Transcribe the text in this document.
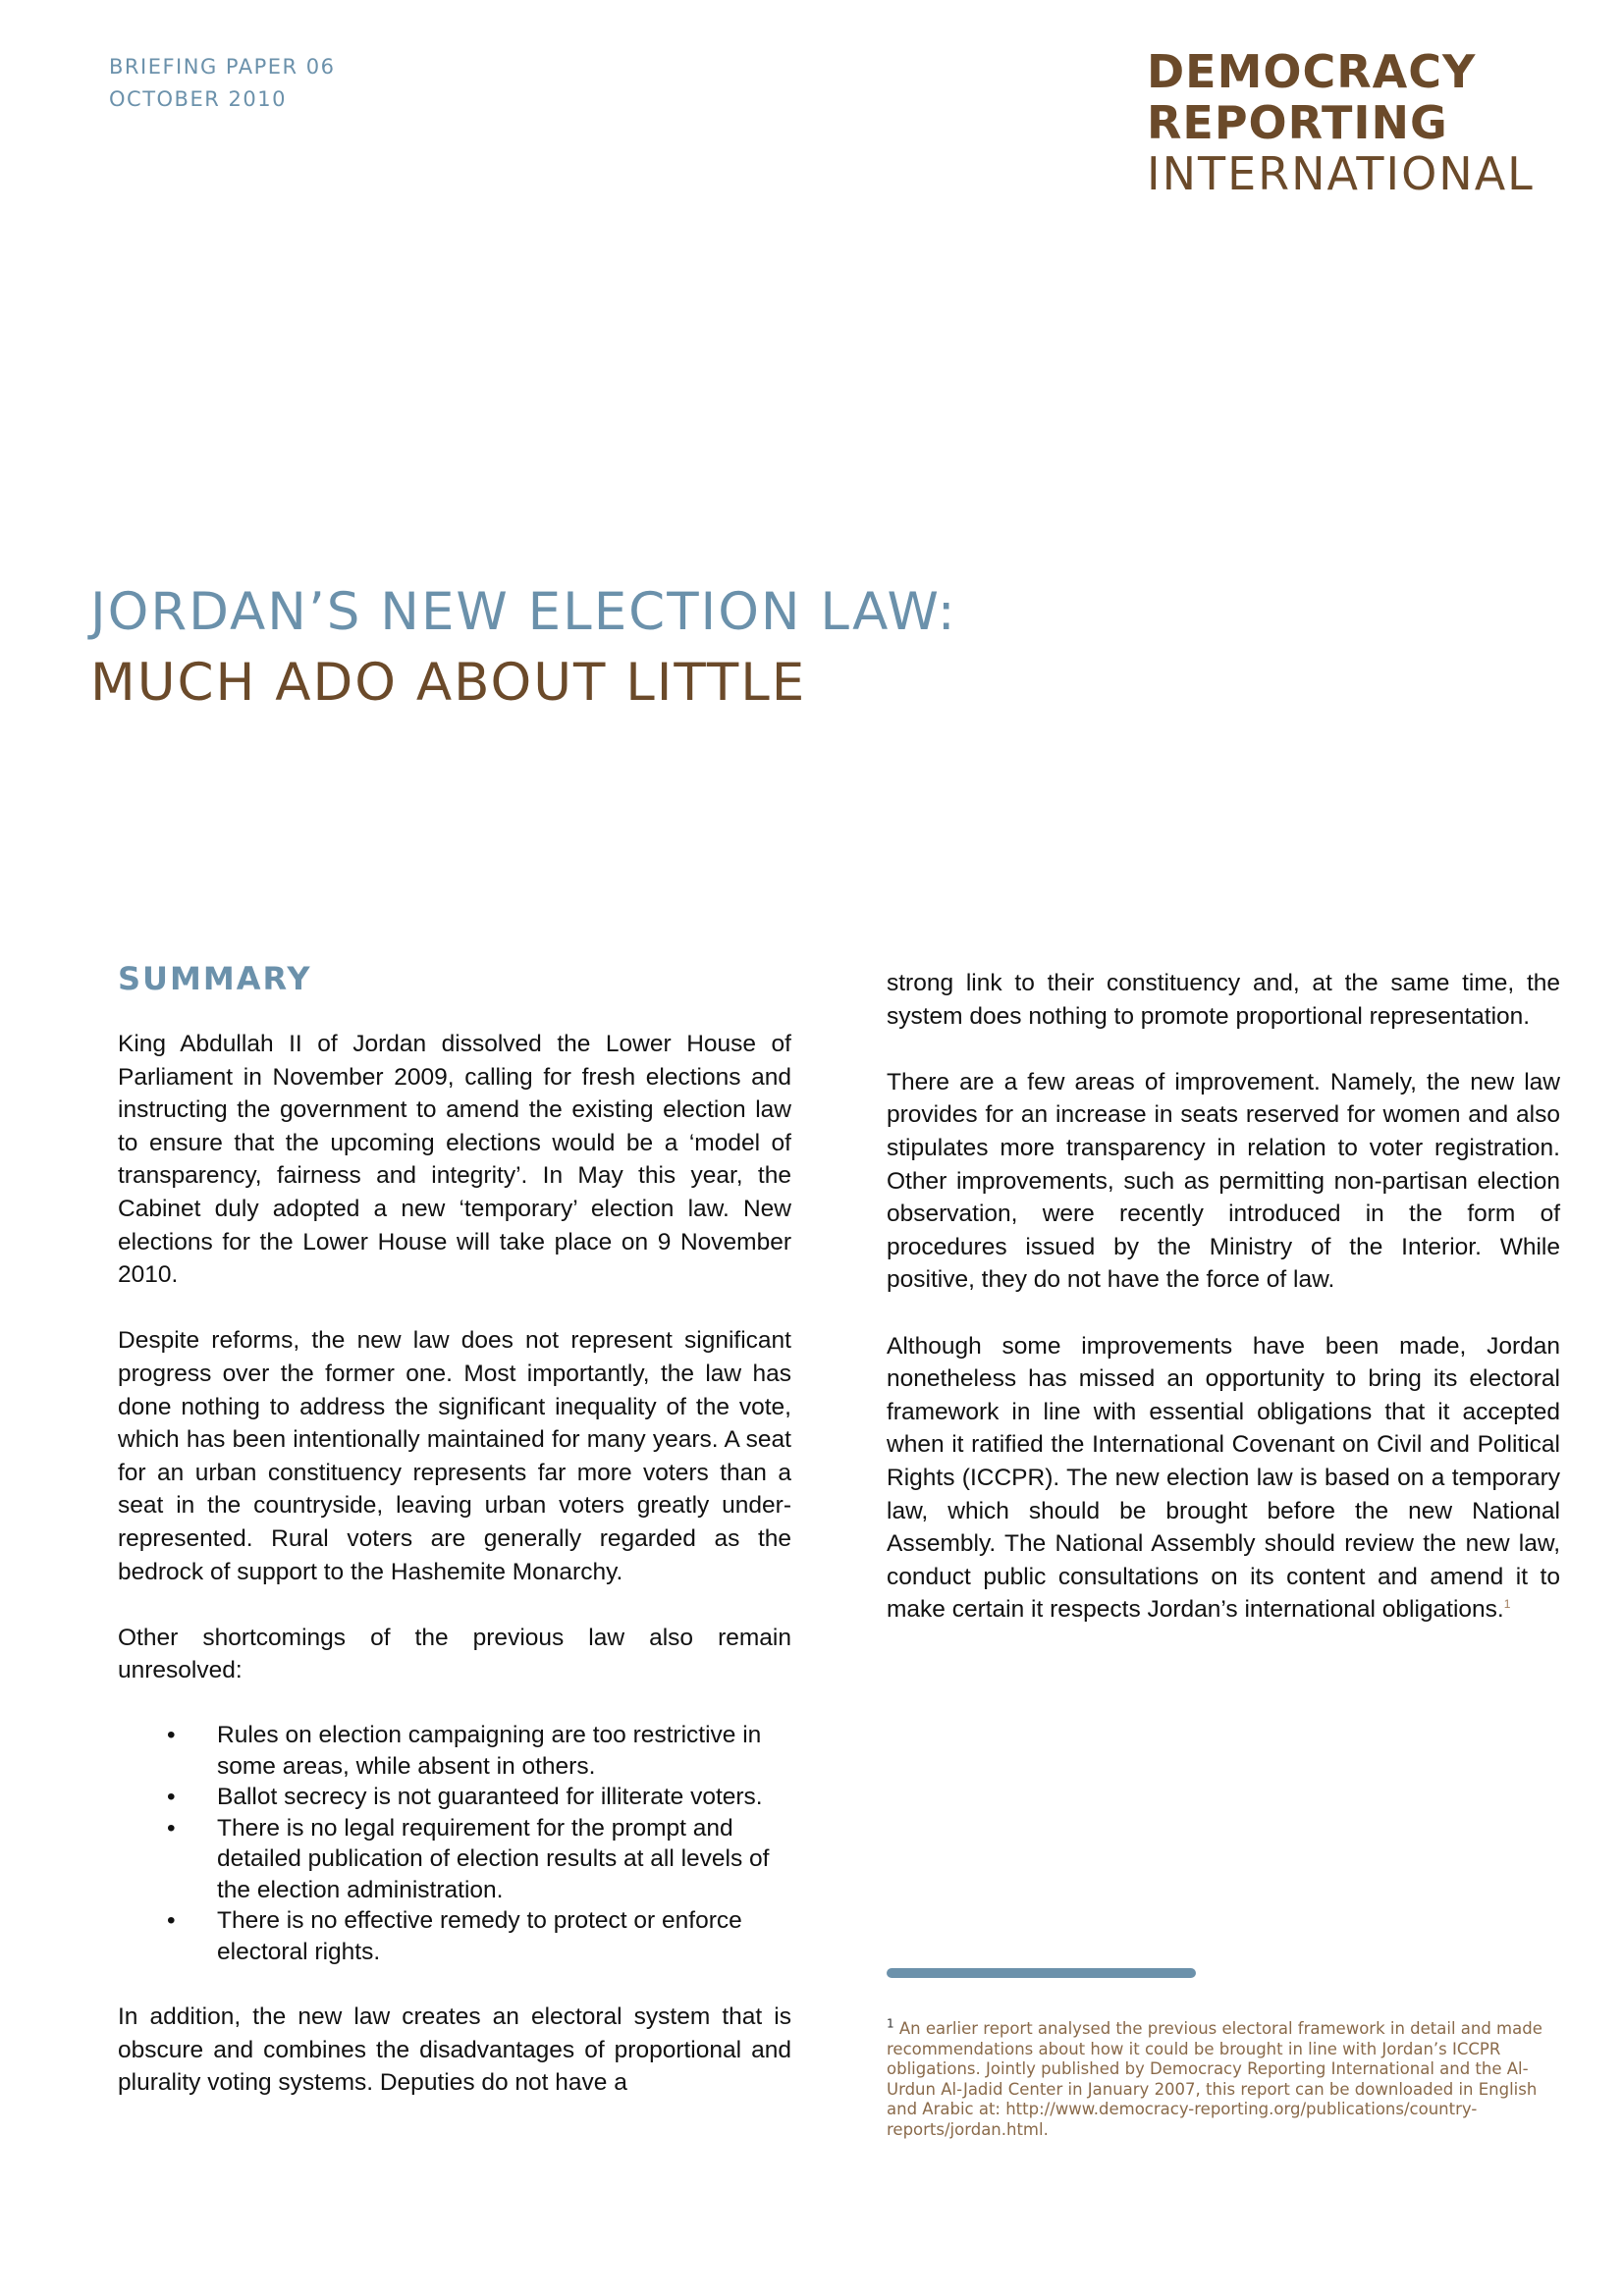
BRIEFING PAPER 06
OCTOBER 2010
DEMOCRACY
REPORTING
INTERNATIONAL
JORDAN’S NEW ELECTION LAW:
MUCH ADO ABOUT LITTLE
SUMMARY

King Abdullah II of Jordan dissolved the Lower House of Parliament in November 2009, calling for fresh elections and instructing the government to amend the existing election law to ensure that the upcoming elections would be a ‘model of transparency, fairness and integrity’. In May this year, the Cabinet duly adopted a new ‘temporary’ election law. New elections for the Lower House will take place on 9 November 2010.

Despite reforms, the new law does not represent significant progress over the former one. Most importantly, the law has done nothing to address the significant inequality of the vote, which has been intentionally maintained for many years. A seat for an urban constituency represents far more voters than a seat in the countryside, leaving urban voters greatly under-represented. Rural voters are generally regarded as the bedrock of support to the Hashemite Monarchy.

Other shortcomings of the previous law also remain unresolved:

• Rules on election campaigning are too restrictive in some areas, while absent in others.
• Ballot secrecy is not guaranteed for illiterate voters.
• There is no legal requirement for the prompt and detailed publication of election results at all levels of the election administration.
• There is no effective remedy to protect or enforce electoral rights.

In addition, the new law creates an electoral system that is obscure and combines the disadvantages of proportional and plurality voting systems. Deputies do not have a

strong link to their constituency and, at the same time, the system does nothing to promote proportional representation.

There are a few areas of improvement. Namely, the new law provides for an increase in seats reserved for women and also stipulates more transparency in relation to voter registration. Other improvements, such as permitting non-partisan election observation, were recently introduced in the form of procedures issued by the Ministry of the Interior. While positive, they do not have the force of law.

Although some improvements have been made, Jordan nonetheless has missed an opportunity to bring its electoral framework in line with essential obligations that it accepted when it ratified the International Covenant on Civil and Political Rights (ICCPR). The new election law is based on a temporary law, which should be brought before the new National Assembly. The National Assembly should review the new law, conduct public consultations on its content and amend it to make certain it respects Jordan’s international obligations.$^1$

$^1$ An earlier report analysed the previous electoral framework in detail and made recommendations about how it could be brought in line with Jordan’s ICCPR obligations. Jointly published by Democracy Reporting International and the Al-Urdun Al-Jadid Center in January 2007, this report can be downloaded in English and Arabic at: http://www.democracy-reporting.org/publications/country-reports/jordan.html.
